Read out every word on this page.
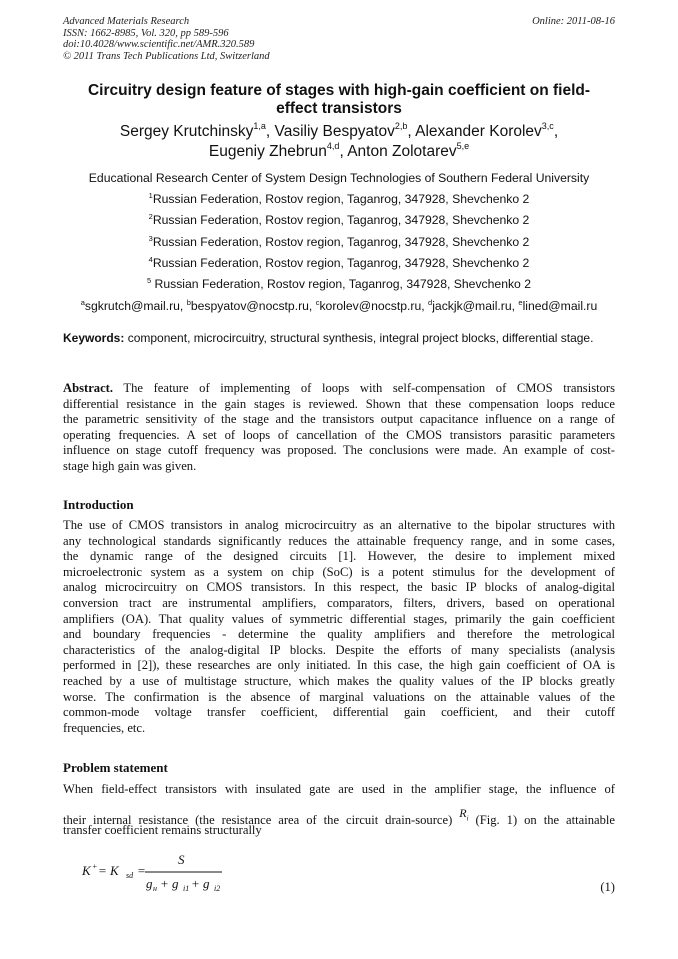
Advanced Materials Research
ISSN: 1662-8985, Vol. 320, pp 589-596
doi:10.4028/www.scientific.net/AMR.320.589
© 2011 Trans Tech Publications Ltd, Switzerland
Online: 2011-08-16
Circuitry design feature of stages with high-gain coefficient on field-
effect transistors
Sergey Krutchinsky$^{1,a}$, Vasiliy Bespyatov$^{2,b}$, Alexander Korolev$^{3,c}$,
Eugeniy Zhebrun$^{4,d}$, Anton Zolotarev$^{5,e}$
Educational Research Center of System Design Technologies of Southern Federal University
$^1$Russian Federation, Rostov region, Taganrog, 347928, Shevchenko 2
$^2$Russian Federation, Rostov region, Taganrog, 347928, Shevchenko 2
$^3$Russian Federation, Rostov region, Taganrog, 347928, Shevchenko 2
$^4$Russian Federation, Rostov region, Taganrog, 347928, Shevchenko 2
$^5$ Russian Federation, Rostov region, Taganrog, 347928, Shevchenko 2
$^a$sgkrutch@mail.ru, $^b$bespyatov@nocstp.ru, $^c$korolev@nocstp.ru, $^d$jackjk@mail.ru, $^e$lined@mail.ru
Keywords: component, microcircuitry, structural synthesis, integral project blocks, differential stage.
Abstract. The feature of implementing of loops with self-compensation of CMOS transistors
differential resistance in the gain stages is reviewed. Shown that these compensation loops reduce
the parametric sensitivity of the stage and the transistors output capacitance influence on a range of
operating frequencies. A set of loops of cancellation of the CMOS transistors parasitic parameters
influence on stage cutoff frequency was proposed. The conclusions were made. An example of cost-
stage high gain was given.
Introduction
The use of CMOS transistors in analog microcircuitry as an alternative to the bipolar structures with
any technological standards significantly reduces the attainable frequency range, and in some cases,
the dynamic range of the designed circuits [1]. However, the desire to implement mixed
microelectronic system as a system on chip (SoC) is a potent stimulus for the development of
analog microcircuitry on CMOS transistors. In this respect, the basic IP blocks of analog-digital
conversion tract are instrumental amplifiers, comparators, filters, drivers, based on operational
amplifiers (OA). That quality values of symmetric differential stages, primarily the gain coefficient
and boundary frequencies - determine the quality amplifiers and therefore the metrological
characteristics of the analog-digital IP blocks. Despite the efforts of many specialists (analysis
performed in [2]), these researches are only initiated. In this case, the high gain coefficient of OA is
reached by a use of multistage structure, which makes the quality values of the IP blocks greatly
worse. The confirmation is the absence of marginal valuations on the attainable values of the
common-mode voltage transfer coefficient, differential gain coefficient, and their cutoff
frequencies, etc.
Problem statement
When field-effect transistors with insulated gate are used in the amplifier stage, the influence of
their internal resistance (the resistance area of the circuit drain-source) $R_i$ (Fig. 1) on the attainable
transfer coefficient remains structurally
K + = K sd =
S
g н + g i1 + g i2	(1)
